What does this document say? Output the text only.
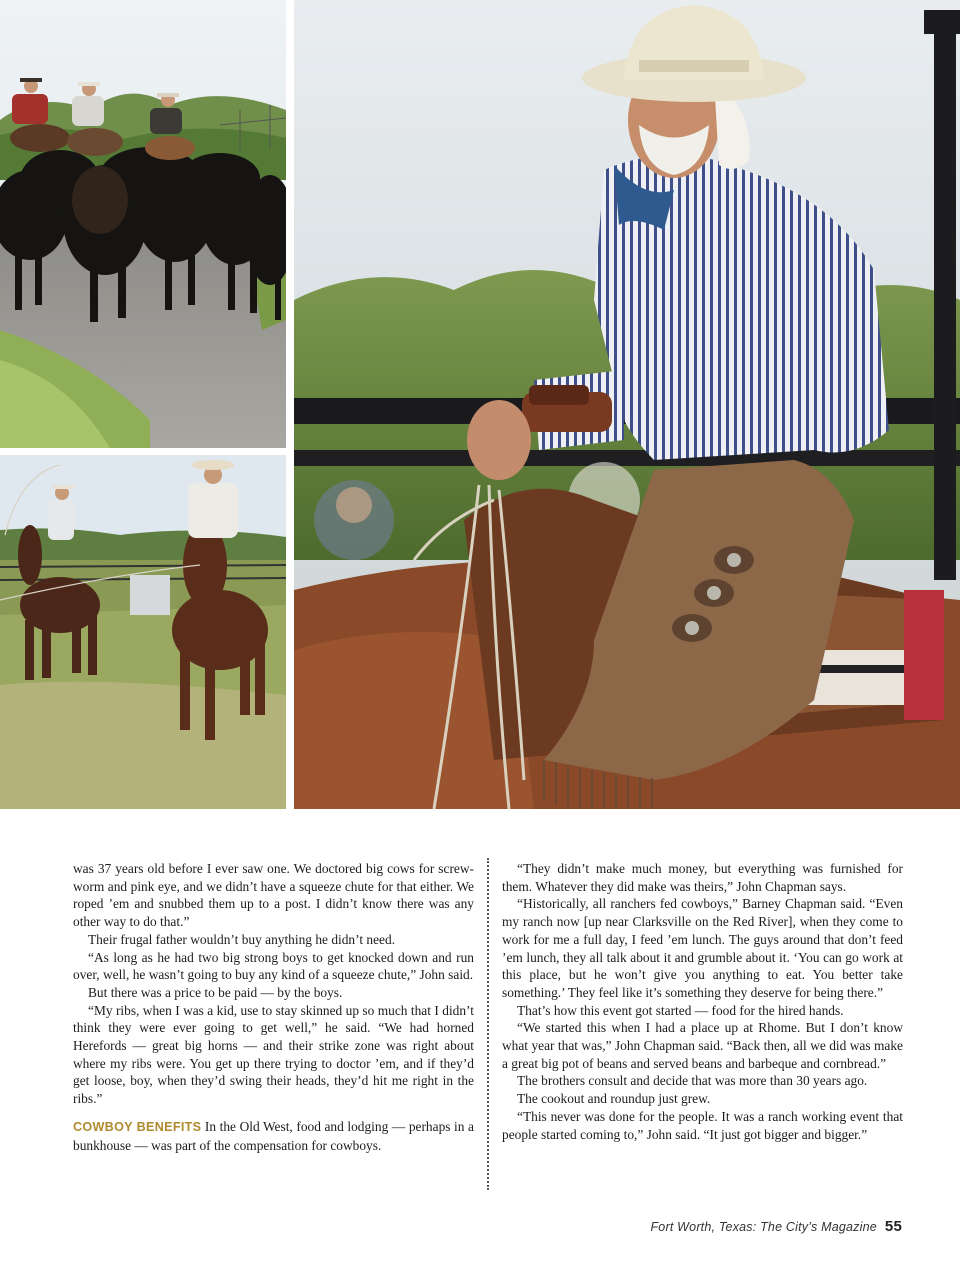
was 37 years old before I ever saw one. We doctored big cows for screwworm and pink eye, and we didn’t have a squeeze chute for that either. We roped ’em and snubbed them up to a post. I didn’t know there was any other way to do that.”

Their frugal father wouldn’t buy anything he didn’t need.

“As long as he had two big strong boys to get knocked down and run over, well, he wasn’t going to buy any kind of a squeeze chute,” John said.

But there was a price to be paid — by the boys.

“My ribs, when I was a kid, use to stay skinned up so much that I didn’t think they were ever going to get well,” he said. “We had horned Herefords — great big horns — and their strike zone was right about where my ribs were. You get up there trying to doctor ’em, and if they’d get loose, boy, when they’d swing their heads, they’d hit me right in the ribs.”

COWBOY BENEFITS In the Old West, food and lodging — perhaps in a bunkhouse — was part of the compensation for cowboys.

“They didn’t make much money, but everything was furnished for them. Whatever they did make was theirs,” John Chapman says.

“Historically, all ranchers fed cowboys,” Barney Chapman said. “Even my ranch now [up near Clarksville on the Red River], when they come to work for me a full day, I feed ’em lunch. The guys around that don’t feed ’em lunch, they all talk about it and grumble about it. ‘You can go work at this place, but he won’t give you anything to eat. You better take something.’ They feel like it’s something they deserve for being there.”

That’s how this event got started — food for the hired hands.

“We started this when I had a place up at Rhome. But I don’t know what year that was,” John Chapman said. “Back then, all we did was make a great big pot of beans and served beans and barbeque and cornbread.”

The brothers consult and decide that was more than 30 years ago.

The cookout and roundup just grew.

“This never was done for the people. It was a ranch working event that people started coming to,” John said. “It just got bigger and bigger.”

Fort Worth, Texas: The City’s Magazine 55
